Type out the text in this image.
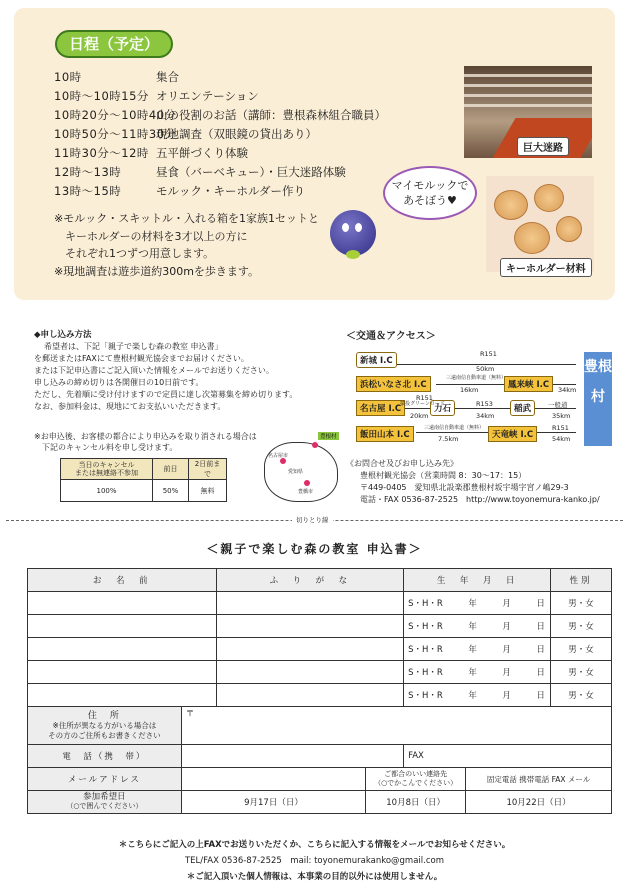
日程（予定）
10時	集合
10時〜10時15分 オリエンテーション
10時20分〜10時40分山の役割のお話（講師：豊根森林組合職員）
10時50分〜11時30分現地調査（双眼鏡の貸出あり）
11時30分〜12時 五平餅づくり体験
12時〜13時	昼食（バーベキュー）・巨大迷路体験
13時〜15時	モルック・キーホルダー作り
※モルック・スキットル・入れる箱を1家族1セットと
　キーホルダーの材料を3才以上の方に
　それぞれ1つずつ用意します。
※現地調査は遊歩道約300mを歩きます。
巨大迷路
マイモルックで
あそぼう♥
キーホルダー材料
◆申し込み方法
希望者は、下記「親子で楽しむ森の教室 申込書」
を郵送またはFAXにて豊根村観光協会までお届けください。
または下記申込書にご記入頂いた情報をメールでお送りください。
申し込みの締め切りは各開催日の10日前です。
ただし、先着順に受け付けますので定員に達し次第募集を締め切ります。
なお、参加料金は、現地にてお支払いいただきます。
※お申込後、お客様の都合により申込みを取り消される場合は
　下記のキャンセル料を申し受けます。
当日のキャンセル
または無連絡不参加	前日	2日前まで
100%	50%	無料
豊根村
名古屋市
豊橋市
愛知県
＜交通＆アクセス＞
新城 I.C
浜松いなさ北 I.C	鳳来峡 I.C
名古屋 I.C	力石	稲武
飯田山本 I.C	天竜峡 I.C
R151
50km
三遠南信自動車道（無料）
16km	34km
猿投グリーンロード
20km
R153
34km
一般道
35km
三遠南信自動車道（無料）
7.5km
R151
54km
R151
豊根村
《お問合せ及びお申し込み先》
豊根村観光協会（営業時間 8：30〜17：15）
〒449-0405　愛知県北設楽郡豊根村坂宇場字宮ノ嶋29-3
電話・FAX 0536-87-2525　http://www.toyonemura-kanko.jp/
切りとり線
＜親子で楽しむ森の教室 申込書＞
お　名　前		ふ　り　が　な		生　年　月　日		性別
				S・H・R　　　 年　　　 月　　　 日		男・女
				S・H・R　　　 年　　　 月　　　 日		男・女
				S・H・R　　　 年　　　 月　　　 日		男・女
				S・H・R　　　 年　　　 月　　　 日		男・女
				S・H・R　　　 年　　　 月　　　 日		男・女

住　所
※住所が異なる方がいる場合は
その方のご住所もお書きください	〒					
電　話（携　帯）				FAX		
メールアドレス			ご都合のいい連絡先
（○でかこんでください）		固定電話 携帯電話 FAX メール	

参加希望日
（○で囲んでください）	9月17日（日）		10月8日（日）		10月22日（日）	
＊こちらにご記入の上FAXでお送りいただくか、こちらに記入する情報をメールでお知らせください。
TEL/FAX 0536-87-2525　mail: toyonemurakanko@gmail.com
＊ご記入頂いた個人情報は、本事業の目的以外には使用しません。
